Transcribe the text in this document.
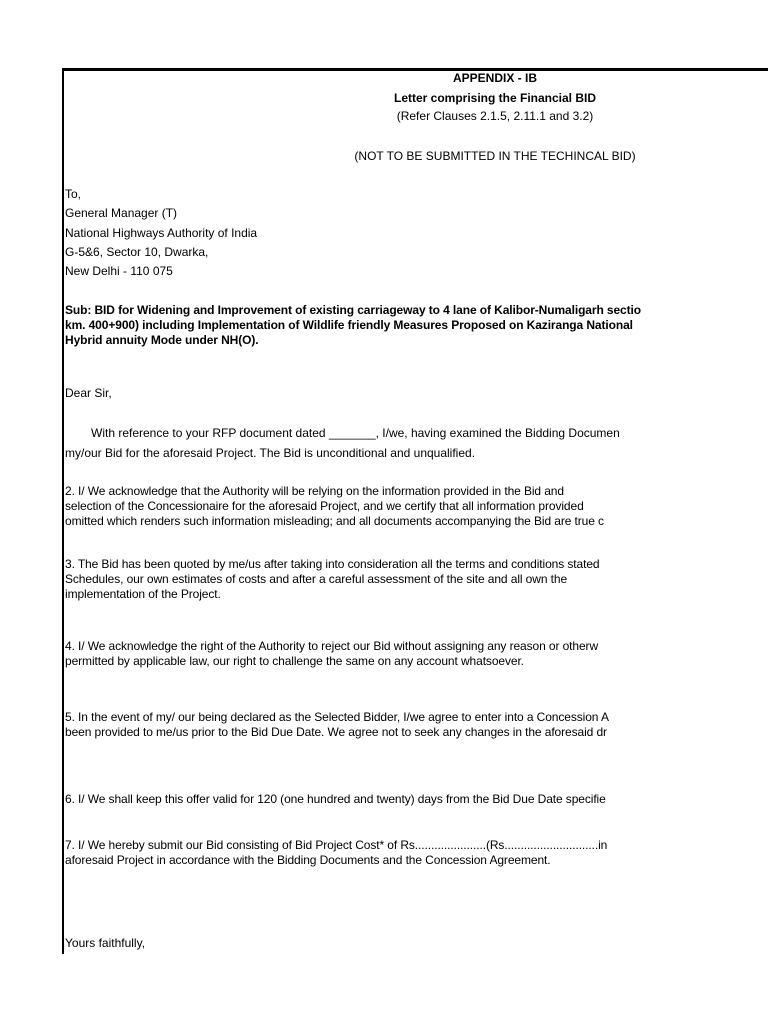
APPENDIX - IB
Letter comprising the Financial BID
(Refer Clauses 2.1.5, 2.11.1 and 3.2)
(NOT TO BE SUBMITTED IN THE TECHINCAL BID)
To,
General Manager (T)
National Highways Authority of India
G-5&6, Sector 10, Dwarka,
New Delhi - 110 075
Sub: BID for Widening and Improvement of existing carriageway to 4 lane of Kalibor-Numaligarh sectio
km. 400+900) including Implementation of Wildlife friendly Measures Proposed on Kaziranga National
Hybrid annuity Mode under NH(O).
Dear Sir,
With reference to your RFP document dated _______, I/we, having examined the Bidding Documen
my/our Bid for the aforesaid Project. The Bid is unconditional and unqualified.
2. I/ We acknowledge that the Authority will be relying on the information provided in the Bid and
selection of the Concessionaire for the aforesaid Project, and we certify that all information provided
omitted which renders such information misleading; and all documents accompanying the Bid are true c
3. The Bid has been quoted by me/us after taking into consideration all the terms and conditions stated
Schedules, our own estimates of costs and after a careful assessment of the site and all own the
implementation of the Project.
4. I/ We acknowledge the right of the Authority to reject our Bid without assigning any reason or otherw
permitted by applicable law, our right to challenge the same on any account whatsoever.
5. In the event of my/ our being declared as the Selected Bidder, I/we agree to enter into a Concession A
been provided to me/us prior to the Bid Due Date. We agree not to seek any changes in the aforesaid dr
6. I/ We shall keep this offer valid for 120 (one hundred and twenty) days from the Bid Due Date specifie
7. I/ We hereby submit our Bid consisting of Bid Project Cost* of Rs......................(Rs.............................in
aforesaid Project in accordance with the Bidding Documents and the Concession Agreement.
Yours faithfully,
